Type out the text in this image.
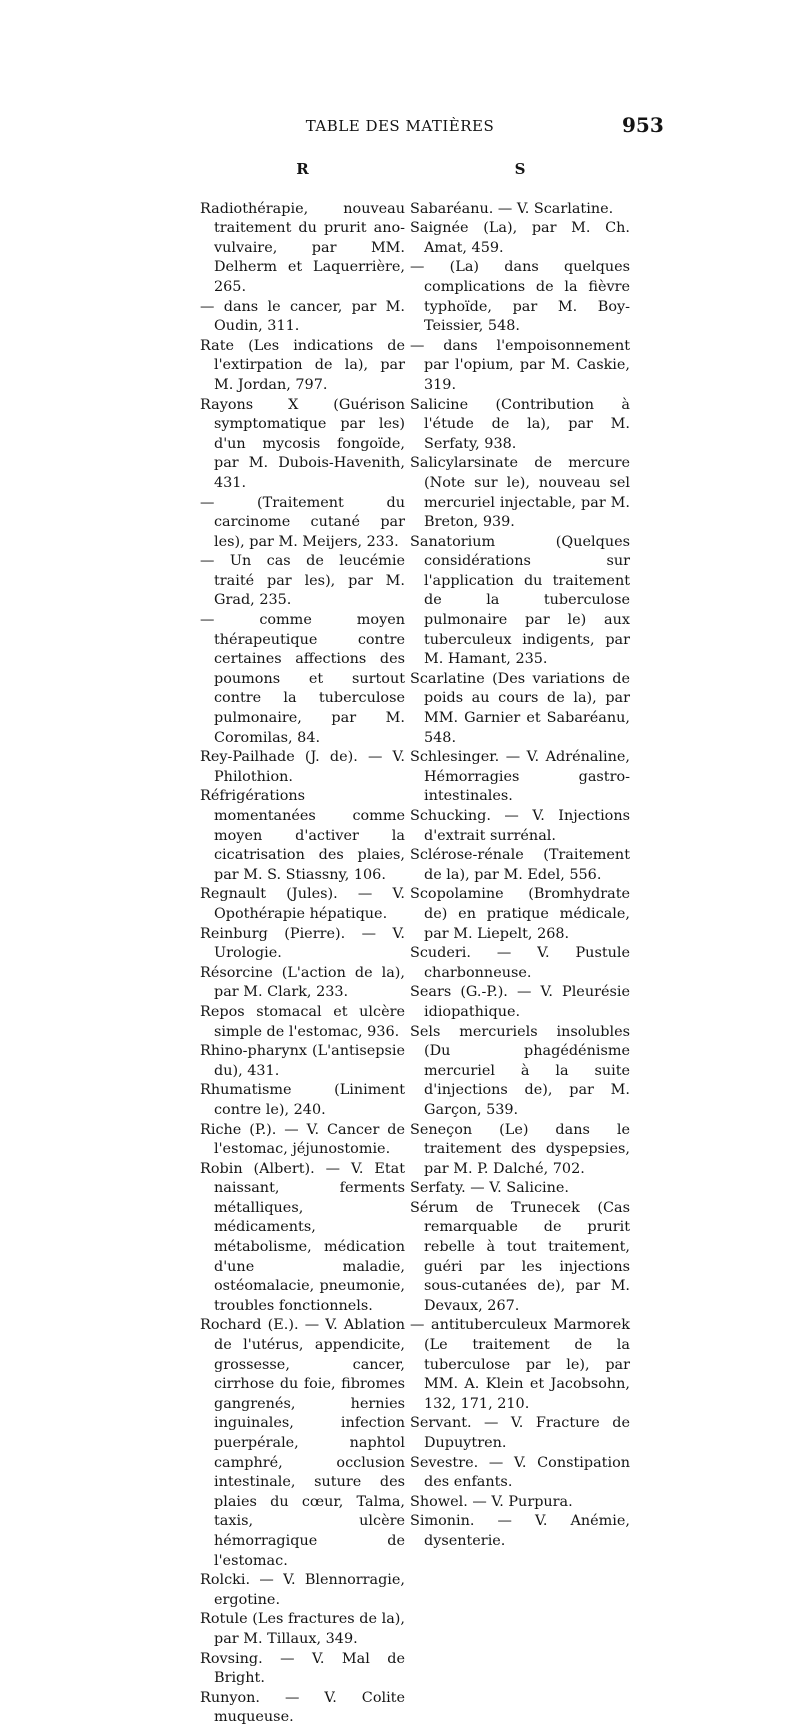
TABLE DES MATIÈRES	953
R

Radiothérapie, nouveau traitement du prurit ano-vulvaire, par MM. Delherm et Laquerrière, 265.

— dans le cancer, par M. Oudin, 311.

Rate (Les indications de l'extirpation de la), par M. Jordan, 797.

Rayons X (Guérison symptomatique par les) d'un mycosis fongoïde, par M. Dubois-Havenith, 431.

— (Traitement du carcinome cutané par les), par M. Meijers, 233.

— Un cas de leucémie traité par les), par M. Grad, 235.

— comme moyen thérapeutique contre certaines affections des poumons et surtout contre la tuberculose pulmonaire, par M. Coromilas, 84.

Rey-Pailhade (J. de). — V. Philothion.

Réfrigérations momentanées comme moyen d'activer la cicatrisation des plaies, par M. S. Stiassny, 106.

Regnault (Jules). — V. Opothérapie hépatique.

Reinburg (Pierre). — V. Urologie.

Résorcine (L'action de la), par M. Clark, 233.

Repos stomacal et ulcère simple de l'estomac, 936.

Rhino-pharynx (L'antisepsie du), 431.

Rhumatisme (Liniment contre le), 240.

Riche (P.). — V. Cancer de l'estomac, jéjunostomie.

Robin (Albert). — V. Etat naissant, ferments métalliques, médicaments, métabolisme, médication d'une maladie, ostéomalacie, pneumonie, troubles fonctionnels.

Rochard (E.). — V. Ablation de l'utérus, appendicite, grossesse, cancer, cirrhose du foie, fibromes gangrenés, hernies inguinales, infection puerpérale, naphtol camphré, occlusion intestinale, suture des plaies du cœur, Talma, taxis, ulcère hémorragique de l'estomac.

Rolcki. — V. Blennorragie, ergotine.

Rotule (Les fractures de la), par M. Tillaux, 349.

Rovsing. — V. Mal de Bright.

Runyon. — V. Colite muqueuse.

S

Sabaréanu. — V. Scarlatine.

Saignée (La), par M. Ch. Amat, 459.

— (La) dans quelques complications de la fièvre typhoïde, par M. Boy-Teissier, 548.

— dans l'empoisonnement par l'opium, par M. Caskie, 319.

Salicine (Contribution à l'étude de la), par M. Serfaty, 938.

Salicylarsinate de mercure (Note sur le), nouveau sel mercuriel injectable, par M. Breton, 939.

Sanatorium (Quelques considérations sur l'application du traitement de la tuberculose pulmonaire par le) aux tuberculeux indigents, par M. Hamant, 235.

Scarlatine (Des variations de poids au cours de la), par MM. Garnier et Sabaréanu, 548.

Schlesinger. — V. Adrénaline, Hémorragies gastro-intestinales.

Schucking. — V. Injections d'extrait surrénal.

Sclérose-rénale (Traitement de la), par M. Edel, 556.

Scopolamine (Bromhydrate de) en pratique médicale, par M. Liepelt, 268.

Scuderi. — V. Pustule charbonneuse.

Sears (G.-P.). — V. Pleurésie idiopathique.

Sels mercuriels insolubles (Du phagédénisme mercuriel à la suite d'injections de), par M. Garçon, 539.

Seneçon (Le) dans le traitement des dyspepsies, par M. P. Dalché, 702.

Serfaty. — V. Salicine.

Sérum de Trunecek (Cas remarquable de prurit rebelle à tout traitement, guéri par les injections sous-cutanées de), par M. Devaux, 267.

— antituberculeux Marmorek (Le traitement de la tuberculose par le), par MM. A. Klein et Jacobsohn, 132, 171, 210.

Servant. — V. Fracture de Dupuytren.

Sevestre. — V. Constipation des enfants.

Showel. — V. Purpura.

Simonin. — V. Anémie, dysenterie.
